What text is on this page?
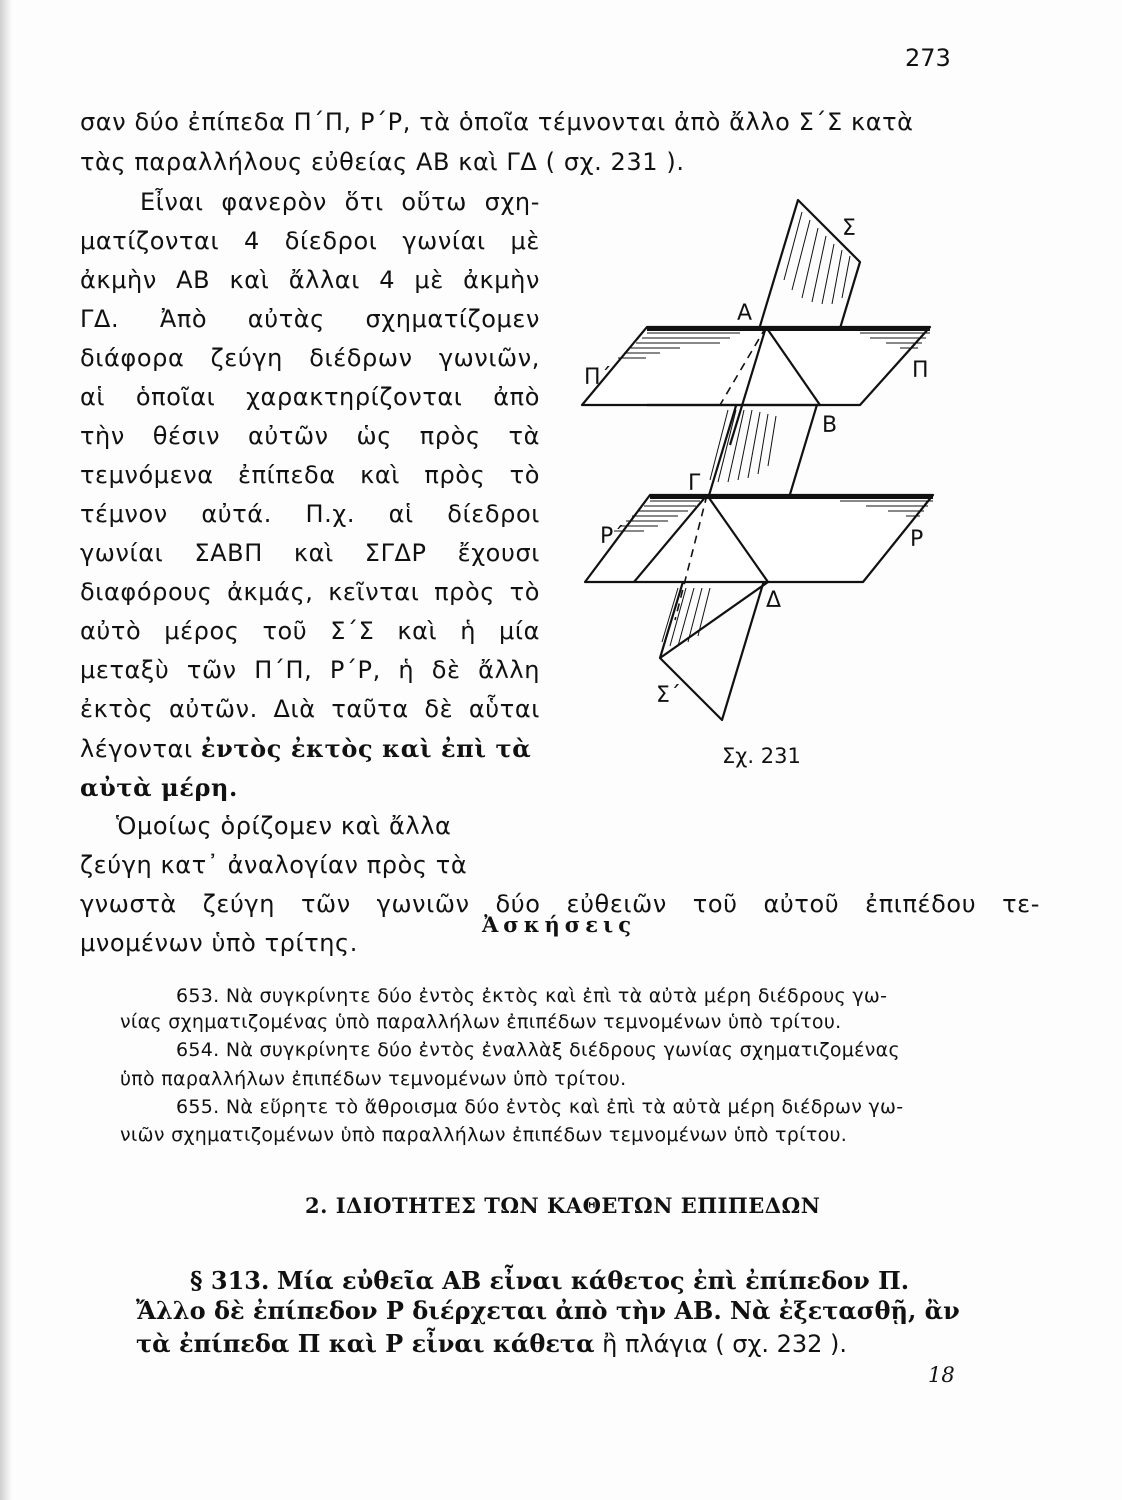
273
σαν δύο ἐπίπεδα Π΄Π, Ρ΄Ρ, τὰ ὁποῖα τέμνονται ἀπὸ ἄλλο Σ΄Σ κατὰ
τὰς παραλλήλους εὐθείας ΑΒ καὶ ΓΔ ( σχ. 231 ).
Εἶναι φανερὸν ὅτι οὕτω σχη-
ματίζονται 4 δίεδροι γωνίαι μὲ
ἀκμὴν ΑΒ καὶ ἄλλαι 4 μὲ ἀκμὴν
ΓΔ. Ἀπὸ αὐτὰς σχηματίζομεν
διάφορα ζεύγη διέδρων γωνιῶν,
αἱ ὁποῖαι χαρακτηρίζονται ἀπὸ
τὴν θέσιν αὐτῶν ὡς πρὸς τὰ
τεμνόμενα ἐπίπεδα καὶ πρὸς τὸ
τέμνον αὐτά. Π.χ. αἱ δίεδροι
γωνίαι ΣΑΒΠ καὶ ΣΓΔΡ ἔχουσι
διαφόρους ἀκμάς, κεῖνται πρὸς τὸ
αὐτὸ μέρος τοῦ Σ΄Σ καὶ ἡ μία
μεταξὺ τῶν Π΄Π, Ρ΄Ρ, ἡ δὲ ἄλλη
ἐκτὸς αὐτῶν. Διὰ ταῦτα δὲ αὗται
λέγονται ἐντὸς ἐκτὸς καὶ ἐπὶ τὰ
αὐτὰ μέρη.
Ὁμοίως ὁρίζομεν καὶ ἄλλα
ζεύγη κατ᾽ ἀναλογίαν πρὸς τὰ
γνωστὰ ζεύγη τῶν γωνιῶν δύο εὐθειῶν τοῦ αὐτοῦ ἐπιπέδου τε-
μνομένων ὑπὸ τρίτης.
Σ
Α
Π΄	Π
Β
Γ
Ρ΄	Ρ
Δ
Σ΄
Σχ. 231
Ἀσκήσεις
653. Νὰ συγκρίνητε δύο ἐντὸς ἐκτὸς καὶ ἐπὶ τὰ αὐτὰ μέρη διέδρους γω-
νίας σχηματιζομένας ὑπὸ παραλλήλων ἐπιπέδων τεμνομένων ὑπὸ τρίτου.
654. Νὰ συγκρίνητε δύο ἐντὸς ἐναλλὰξ διέδρους γωνίας σχηματιζομένας
ὑπὸ παραλλήλων ἐπιπέδων τεμνομένων ὑπὸ τρίτου.
655. Νὰ εὕρητε τὸ ἄθροισμα δύο ἐντὸς καὶ ἐπὶ τὰ αὐτὰ μέρη διέδρων γω-
νιῶν σχηματιζομένων ὑπὸ παραλλήλων ἐπιπέδων τεμνομένων ὑπὸ τρίτου.
2. ΙΔΙΟΤΗΤΕΣ ΤΩΝ ΚΑΘΕΤΩΝ ΕΠΙΠΕΔΩΝ
§ 313. Μία εὐθεῖα ΑΒ εἶναι κάθετος ἐπὶ ἐπίπεδον Π.
Ἄλλο δὲ ἐπίπεδον Ρ διέρχεται ἀπὸ τὴν ΑΒ. Νὰ ἐξετασθῇ, ἂν
τὰ ἐπίπεδα Π καὶ Ρ εἶναι κάθετα ἢ πλάγια ( σχ. 232 ).
18
